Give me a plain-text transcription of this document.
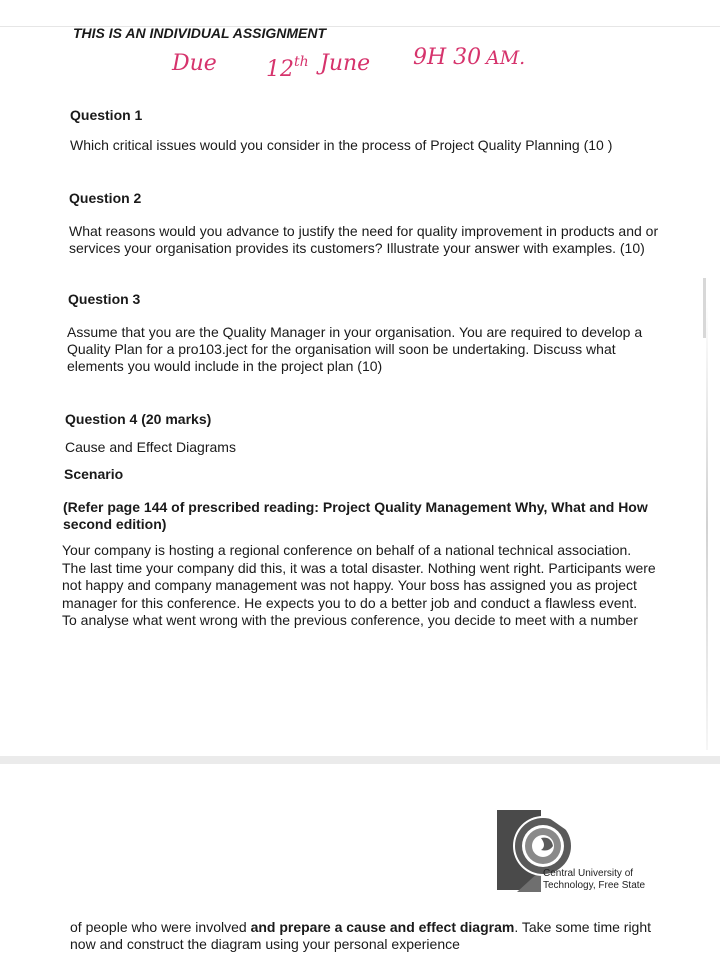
THIS IS AN INDIVIDUAL ASSIGNMENT
Due 12th June 9H 30 AM.
Question 1
Which critical issues would you consider in the process of Project Quality Planning (10 )
Question 2
What reasons would you advance to justify the need for quality improvement in products and or
services your organisation provides its customers? Illustrate your answer with examples. (10)
Question 3
Assume that you are the Quality Manager in your organisation. You are required to develop a
Quality Plan for a pro103.ject for the organisation will soon be undertaking. Discuss what
elements you would include in the project plan (10)
Question 4 (20 marks)
Cause and Effect Diagrams
Scenario
(Refer page 144 of prescribed reading: Project Quality Management Why, What and How
second edition)
Your company is hosting a regional conference on behalf of a national technical association.
The last time your company did this, it was a total disaster. Nothing went right. Participants were
not happy and company management was not happy. Your boss has assigned you as project
manager for this conference. He expects you to do a better job and conduct a flawless event.
To analyse what went wrong with the previous conference, you decide to meet with a number
Central University of
Technology, Free State
of people who were involved and prepare a cause and effect diagram. Take some time right
now and construct the diagram using your personal experience
